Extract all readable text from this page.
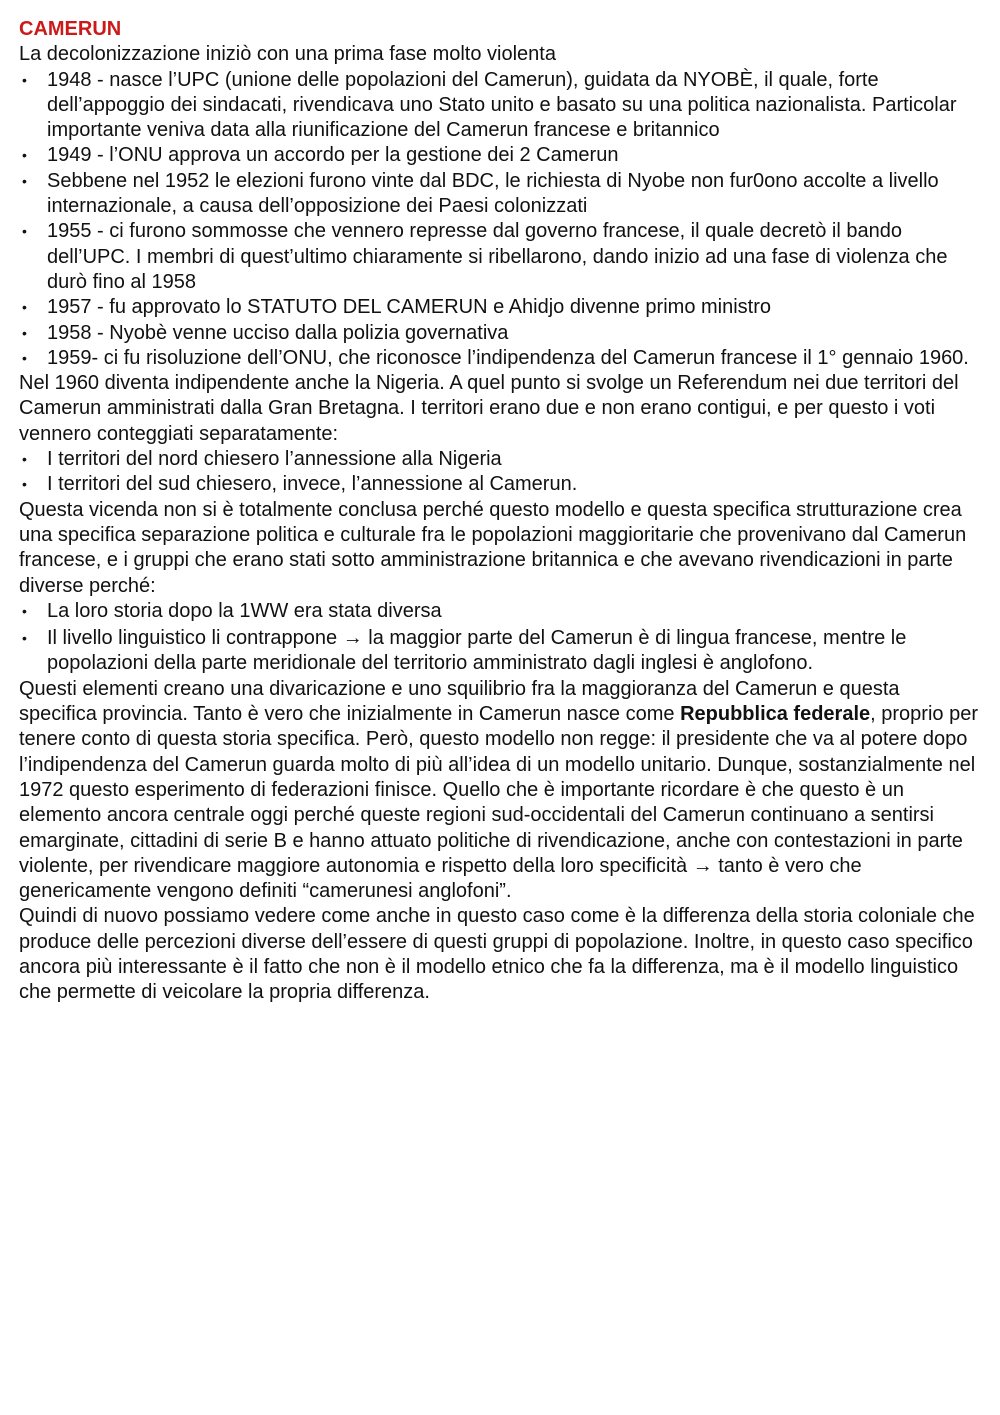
CAMERUN

La decolonizzazione iniziò con una prima fase molto violenta

• 1948 - nasce l’UPC (unione delle popolazioni del Camerun), guidata da NYOBÈ, il quale, forte dell’appoggio dei sindacati, rivendicava uno Stato unito e basato su una politica nazionalista. Particolar importante veniva data alla riunificazione del Camerun francese e britannico
• 1949 - l’ONU approva un accordo per la gestione dei 2 Camerun
• Sebbene nel 1952 le elezioni furono vinte dal BDC, le richiesta di Nyobe non fur0ono accolte a livello internazionale, a causa dell’opposizione dei Paesi colonizzati
• 1955 - ci furono sommosse che vennero represse dal governo francese, il quale decretò il bando dell’UPC. I membri di quest’ultimo chiaramente si ribellarono, dando inizio ad una fase di violenza che durò fino al 1958
• 1957 - fu approvato lo STATUTO DEL CAMERUN e Ahidjo divenne primo ministro
• 1958 - Nyobè venne ucciso dalla polizia governativa
• 1959- ci fu risoluzione dell’ONU, che riconosce l’indipendenza del Camerun francese il 1° gennaio 1960.

Nel 1960 diventa indipendente anche la Nigeria. A quel punto si svolge un Referendum nei due territori del Camerun amministrati dalla Gran Bretagna. I territori erano due e non erano contigui, e per questo i voti vennero conteggiati separatamente:

• I territori del nord chiesero l’annessione alla Nigeria
• I territori del sud chiesero, invece, l’annessione al Camerun.

Questa vicenda non si è totalmente conclusa perché questo modello e questa specifica strutturazione crea una specifica separazione politica e culturale fra le popolazioni maggioritarie che provenivano dal Camerun francese, e i gruppi che erano stati sotto amministrazione britannica e che avevano rivendicazioni in parte diverse perché:

• La loro storia dopo la 1WW era stata diversa
• Il livello linguistico li contrappone → la maggior parte del Camerun è di lingua francese, mentre le popolazioni della parte meridionale del territorio amministrato dagli inglesi è anglofono.

Questi elementi creano una divaricazione e uno squilibrio fra la maggioranza del Camerun e questa specifica provincia. Tanto è vero che inizialmente in Camerun nasce come Repubblica federale, proprio per tenere conto di questa storia specifica. Però, questo modello non regge: il presidente che va al potere dopo l’indipendenza del Camerun guarda molto di più all’idea di un modello unitario. Dunque, sostanzialmente nel 1972 questo esperimento di federazioni finisce. Quello che è importante ricordare è che questo è un elemento ancora centrale oggi perché queste regioni sud-occidentali del Camerun continuano a sentirsi emarginate, cittadini di serie B e hanno attuato politiche di rivendicazione, anche con contestazioni in parte violente, per rivendicare maggiore autonomia e rispetto della loro specificità → tanto è vero che genericamente vengono definiti “camerunesi anglofoni”.

Quindi di nuovo possiamo vedere come anche in questo caso come è la differenza della storia coloniale che produce delle percezioni diverse dell’essere di questi gruppi di popolazione. Inoltre, in questo caso specifico ancora più interessante è il fatto che non è il modello etnico che fa la differenza, ma è il modello linguistico che permette di veicolare la propria differenza.
